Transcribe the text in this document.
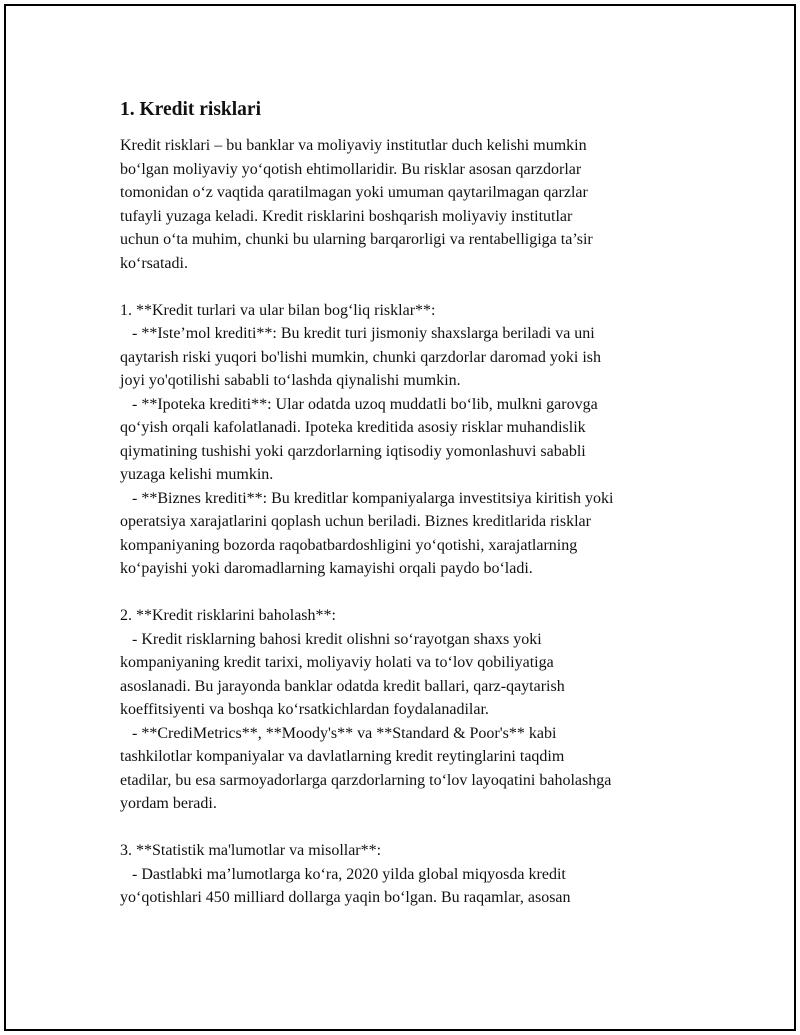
1. Kredit risklari
Kredit risklari – bu banklar va moliyaviy institutlar duch kelishi mumkin
bo‘lgan moliyaviy yo‘qotish ehtimollaridir. Bu risklar asosan qarzdorlar
tomonidan o‘z vaqtida qaratilmagan yoki umuman qaytarilmagan qarzlar
tufayli yuzaga keladi. Kredit risklarini boshqarish moliyaviy institutlar
uchun o‘ta muhim, chunki bu ularning barqarorligi va rentabelligiga ta’sir
ko‘rsatadi.
1. **Kredit turlari va ular bilan bog‘liq risklar**:
- **Iste’mol krediti**: Bu kredit turi jismoniy shaxslarga beriladi va uni
qaytarish riski yuqori bo'lishi mumkin, chunki qarzdorlar daromad yoki ish
joyi yo'qotilishi sababli to‘lashda qiynalishi mumkin.
- **Ipoteka krediti**: Ular odatda uzoq muddatli bo‘lib, mulkni garovga
qo‘yish orqali kafolatlanadi. Ipoteka kreditida asosiy risklar muhandislik
qiymatining tushishi yoki qarzdorlarning iqtisodiy yomonlashuvi sababli
yuzaga kelishi mumkin.
- **Biznes krediti**: Bu kreditlar kompaniyalarga investitsiya kiritish yoki
operatsiya xarajatlarini qoplash uchun beriladi. Biznes kreditlarida risklar
kompaniyaning bozorda raqobatbardoshligini yo‘qotishi, xarajatlarning
ko‘payishi yoki daromadlarning kamayishi orqali paydo bo‘ladi.
2. **Kredit risklarini baholash**:
- Kredit risklarning bahosi kredit olishni so‘rayotgan shaxs yoki
kompaniyaning kredit tarixi, moliyaviy holati va to‘lov qobiliyatiga
asoslanadi. Bu jarayonda banklar odatda kredit ballari, qarz-qaytarish
koeffitsiyenti va boshqa ko‘rsatkichlardan foydalanadilar.
- **CrediMetrics**, **Moody's** va **Standard & Poor's** kabi
tashkilotlar kompaniyalar va davlatlarning kredit reytinglarini taqdim
etadilar, bu esa sarmoyadorlarga qarzdorlarning to‘lov layoqatini baholashga
yordam beradi.
3. **Statistik ma'lumotlar va misollar**:
- Dastlabki ma’lumotlarga ko‘ra, 2020 yilda global miqyosda kredit
yo‘qotishlari 450 milliard dollarga yaqin bo‘lgan. Bu raqamlar, asosan
